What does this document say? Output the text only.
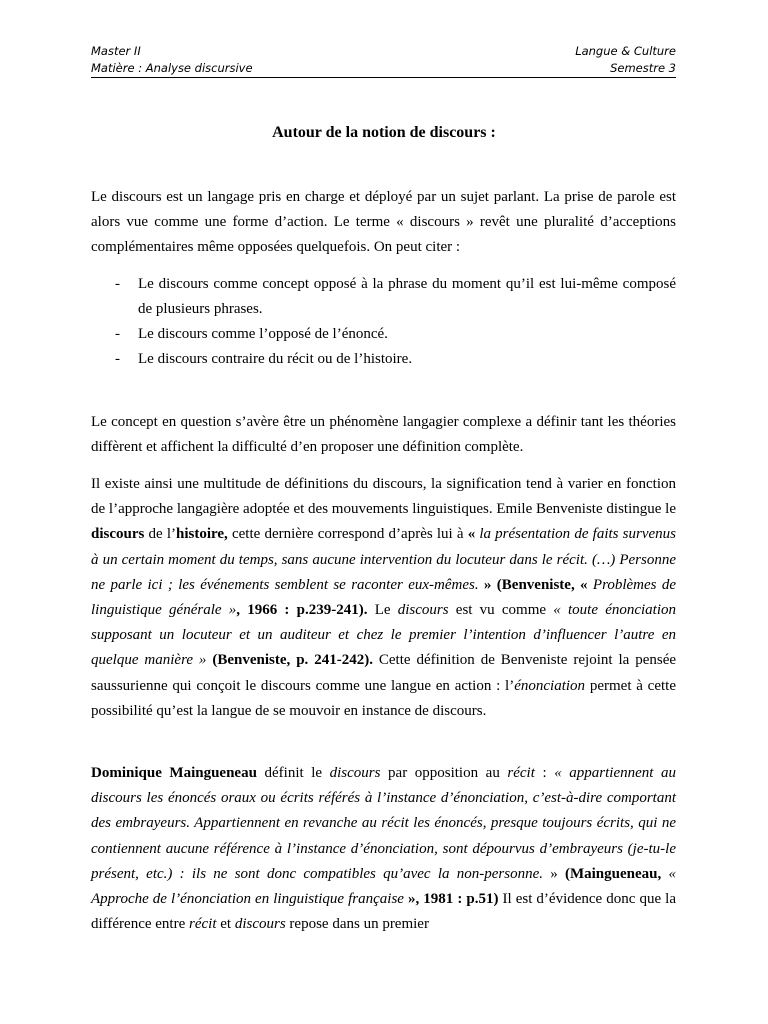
Master II
Matière : Analyse discursive
Langue & Culture
Semestre 3
Autour de la notion de discours :

Le discours est un langage pris en charge et déployé par un sujet parlant. La prise de parole est alors vue comme une forme d’action. Le terme « discours » revêt une pluralité d’acceptions complémentaires même opposées quelquefois. On peut citer :

- Le discours comme concept opposé à la phrase du moment qu’il est lui-même composé de plusieurs phrases.
- Le discours comme l’opposé de l’énoncé.
- Le discours contraire du récit ou de l’histoire.

Le concept en question s’avère être un phénomène langagier complexe a définir tant les théories diffèrent et affichent la difficulté d’en proposer une définition complète.

Il existe ainsi une multitude de définitions du discours, la signification tend à varier en fonction de l’approche langagière adoptée et des mouvements linguistiques. Emile Benveniste distingue le discours de l’histoire, cette dernière correspond d’après lui à « la présentation de faits survenus à un certain moment du temps, sans aucune intervention du locuteur dans le récit. (…) Personne ne parle ici ; les événements semblent se raconter eux-mêmes. » (Benveniste, « Problèmes de linguistique générale », 1966 : p.239-241). Le discours est vu comme « toute énonciation supposant un locuteur et un auditeur et chez le premier l’intention d’influencer l’autre en quelque manière » (Benveniste, p. 241-242). Cette définition de Benveniste rejoint la pensée saussurienne qui conçoit le discours comme une langue en action : l’énonciation permet à cette possibilité qu’est la langue de se mouvoir en instance de discours.

Dominique Maingueneau définit le discours par opposition au récit : « appartiennent au discours les énoncés oraux ou écrits référés à l’instance d’énonciation, c’est-à-dire comportant des embrayeurs. Appartiennent en revanche au récit les énoncés, presque toujours écrits, qui ne contiennent aucune référence à l’instance d’énonciation, sont dépourvus d’embrayeurs (je-tu-le présent, etc.) : ils ne sont donc compatibles qu’avec la non-personne. » (Maingueneau, « Approche de l’énonciation en linguistique française », 1981 : p.51) Il est d’évidence donc que la différence entre récit et discours repose dans un premier
